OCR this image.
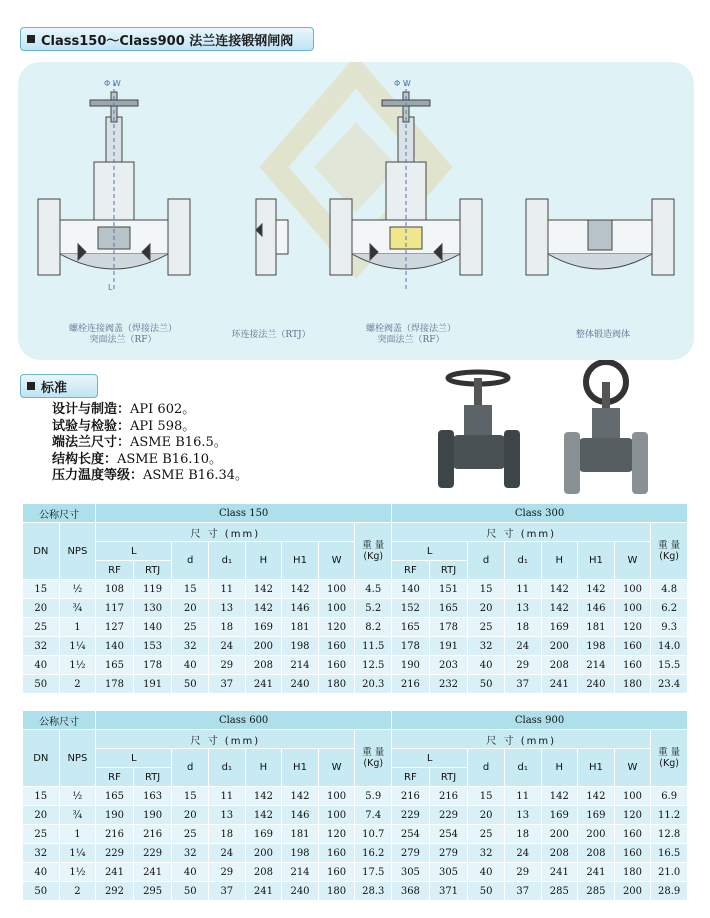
Class150～Class900 法兰连接锻钢闸阀
Φ W	Φ W
L
螺栓连接阀盖（焊接法兰）
突面法兰（RF）	环连接法兰（RTJ）
螺栓阀盖（焊接法兰）
突面法兰（RF）	整体锻造阀体
标准
设计与制造：API 602。
试验与检验：API 598。
端法兰尺寸：ASME B16.5。
结构长度：ASME B16.10。
压力温度等级：ASME B16.34。
公称尺寸		Class 150								Class 300							
DN	NPS	尺 寸 (mm)							重 量
(Kg)	尺 寸 (mm)							重 量
(Kg)
		L		d	d₁	H	H1	W		L		d	d₁	H	H1	W	
		RF	RTJ							RF	RTJ						
15	½	108	119	15	11	142	142	100	4.5	140	151	15	11	142	142	100	4.8
20	¾	117	130	20	13	142	146	100	5.2	152	165	20	13	142	146	100	6.2
25	1	127	140	25	18	169	181	120	8.2	165	178	25	18	169	181	120	9.3
32	1¼	140	153	32	24	200	198	160	11.5	178	191	32	24	200	198	160	14.0
40	1½	165	178	40	29	208	214	160	12.5	190	203	40	29	208	214	160	15.5
50	2	178	191	50	37	241	240	180	20.3	216	232	50	37	241	240	180	23.4
公称尺寸		Class 600								Class 900							
DN	NPS	尺 寸 (mm)							重 量
(Kg)	尺 寸 (mm)							重 量
(Kg)
		L		d	d₁	H	H1	W		L		d	d₁	H	H1	W	
		RF	RTJ							RF	RTJ						
15	½	165	163	15	11	142	142	100	5.9	216	216	15	11	142	142	100	6.9
20	¾	190	190	20	13	142	146	100	7.4	229	229	20	13	169	169	120	11.2
25	1	216	216	25	18	169	181	120	10.7	254	254	25	18	200	200	160	12.8
32	1¼	229	229	32	24	200	198	160	16.2	279	279	32	24	208	208	160	16.5
40	1½	241	241	40	29	208	214	160	17.5	305	305	40	29	241	241	180	21.0
50	2	292	295	50	37	241	240	180	28.3	368	371	50	37	285	285	200	28.9
